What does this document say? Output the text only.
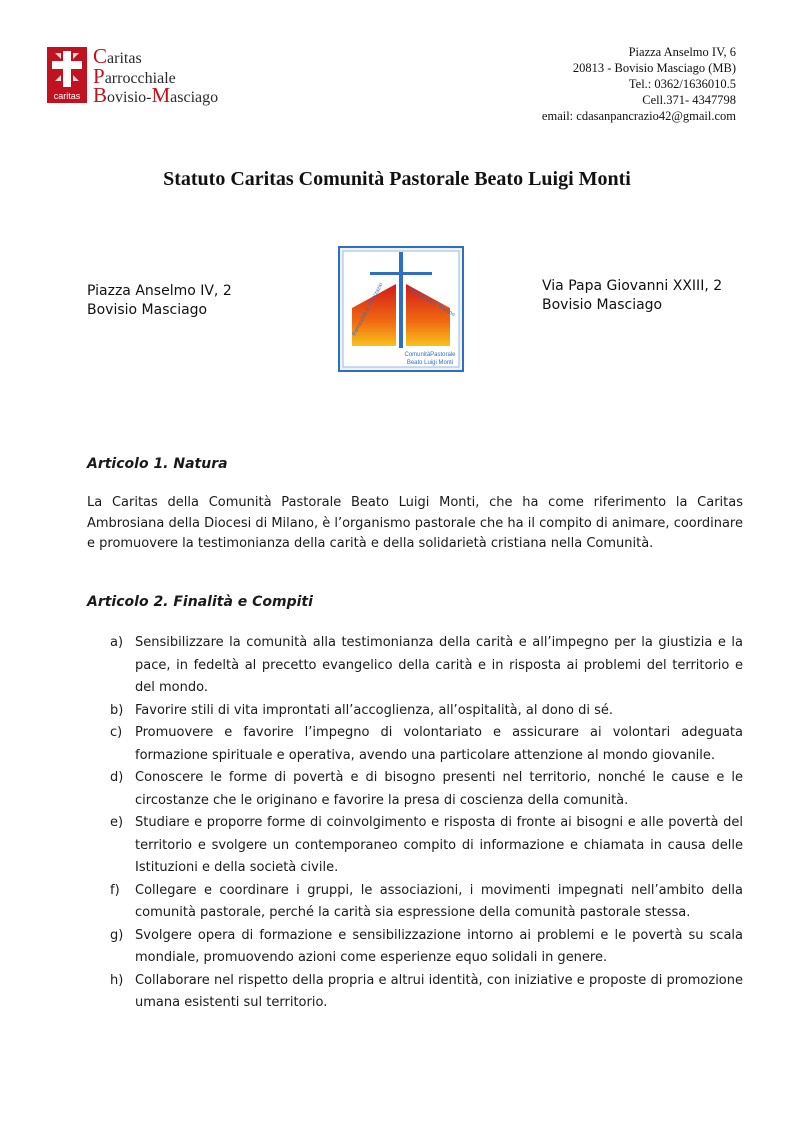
caritas
Caritas
Parrocchiale
Bovisio-Masciago
Piazza Anselmo IV, 6
20813 - Bovisio Masciago (MB)
Tel.: 0362/1636010.5
Cell.371- 4347798
email: cdasanpancrazio42@gmail.com
Statuto Caritas Comunità Pastorale Beato Luigi Monti
Piazza Anselmo IV, 2
Bovisio Masciago
Via Papa Giovanni XXIII, 2
Bovisio Masciago
Parrocchia S. Pancrazio	Parrocchia S. Martino
ComunitàPastorale
Beato Luigi Monti
Articolo 1. Natura
La Caritas della Comunità Pastorale Beato Luigi Monti, che ha come riferimento la Caritas Ambrosiana della Diocesi di Milano, è l’organismo pastorale che ha il compito di animare, coordinare e promuovere la testimonianza della carità e della solidarietà cristiana nella Comunità.
Articolo 2. Finalità e Compiti
a) Sensibilizzare la comunità alla testimonianza della carità e all’impegno per la giustizia e la pace, in fedeltà al precetto evangelico della carità e in risposta ai problemi del territorio e del mondo.
b) Favorire stili di vita improntati all’accoglienza, all’ospitalità, al dono di sé.
c) Promuovere e favorire l’impegno di volontariato e assicurare ai volontari adeguata formazione spirituale e operativa, avendo una particolare attenzione al mondo giovanile.
d) Conoscere le forme di povertà e di bisogno presenti nel territorio, nonché le cause e le circostanze che le originano e favorire la presa di coscienza della comunità.
e) Studiare e proporre forme di coinvolgimento e risposta di fronte ai bisogni e alle povertà del territorio e svolgere un contemporaneo compito di informazione e chiamata in causa delle Istituzioni e della società civile.
f) Collegare e coordinare i gruppi, le associazioni, i movimenti impegnati nell’ambito della comunità pastorale, perché la carità sia espressione della comunità pastorale stessa.
g) Svolgere opera di formazione e sensibilizzazione intorno ai problemi e le povertà su scala mondiale, promuovendo azioni come esperienze equo solidali in genere.
h) Collaborare nel rispetto della propria e altrui identità, con iniziative e proposte di promozione umana esistenti sul territorio.
